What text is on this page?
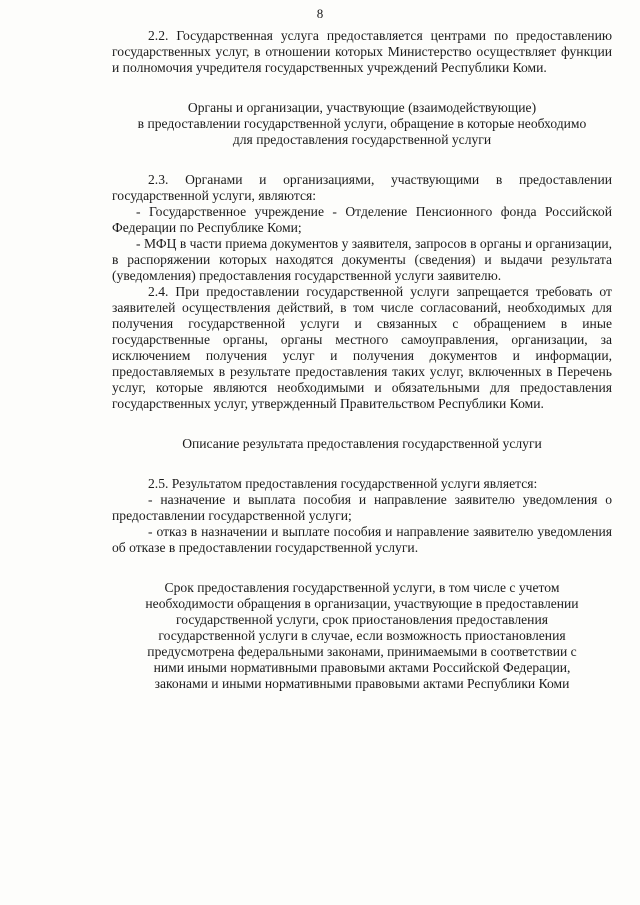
8

2.2. Государственная услуга предоставляется центрами по предоставлению государственных услуг, в отношении которых Министерство осуществляет функции и полномочия учредителя государственных учреждений Республики Коми.

Органы и организации, участвующие (взаимодействующие)

в предоставлении государственной услуги, обращение в которые необходимо

для предоставления государственной услуги

2.3. Органами и организациями, участвующими в предоставлении государственной услуги, являются:

- Государственное учреждение - Отделение Пенсионного фонда Российской Федерации по Республике Коми;

- МФЦ в части приема документов у заявителя, запросов в органы и организации, в распоряжении которых находятся документы (сведения) и выдачи результата (уведомления) предоставления государственной услуги заявителю.

2.4. При предоставлении государственной услуги запрещается требовать от заявителей осуществления действий, в том числе согласований, необходимых для получения государственной услуги и связанных с обращением в иные государственные органы, органы местного самоуправления, организации, за исключением получения услуг и получения документов и информации, предоставляемых в результате предоставления таких услуг, включенных в Перечень услуг, которые являются необходимыми и обязательными для предоставления государственных услуг, утвержденный Правительством Республики Коми.

Описание результата предоставления государственной услуги

2.5. Результатом предоставления государственной услуги является:

- назначение и выплата пособия и направление заявителю уведомления о предоставлении государственной услуги;

- отказ в назначении и выплате пособия и направление заявителю уведомления об отказе в предоставлении государственной услуги.

Срок предоставления государственной услуги, в том числе с учетом

необходимости обращения в организации, участвующие в предоставлении

государственной услуги, срок приостановления предоставления

государственной услуги в случае, если возможность приостановления

предусмотрена федеральными законами, принимаемыми в соответствии с

ними иными нормативными правовыми актами Российской Федерации,

законами и иными нормативными правовыми актами Республики Коми
